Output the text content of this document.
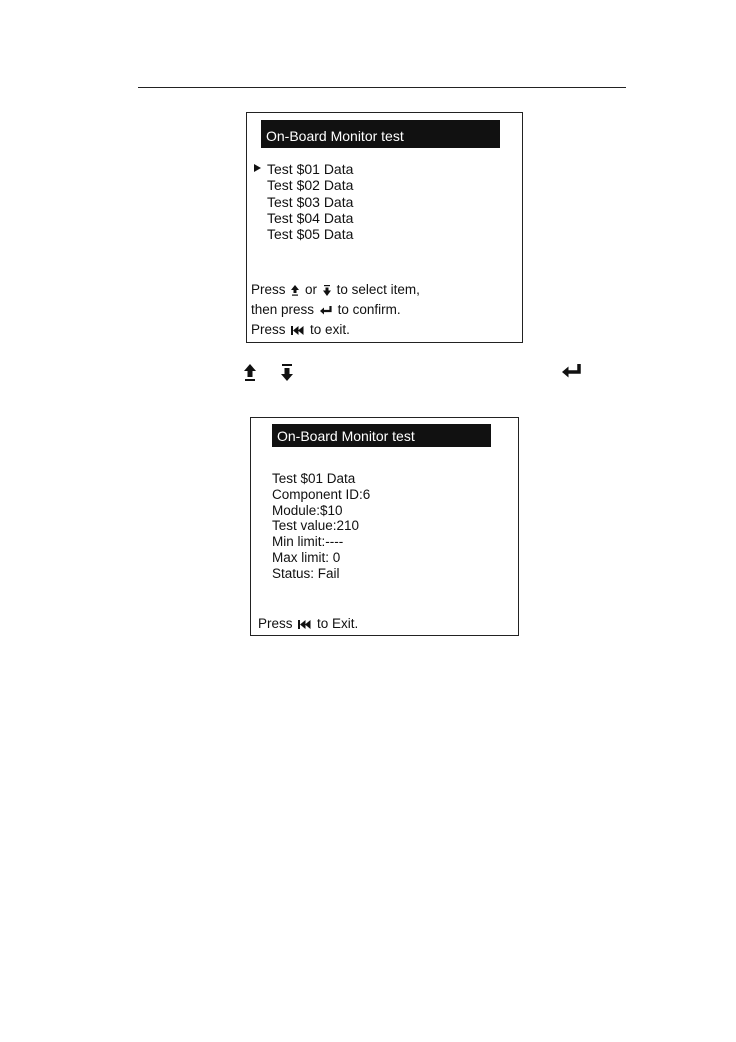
On-Board Monitor test
Test $01 Data
Test $02 Data
Test $03 Data
Test $04 Data
Test $05 Data
Press or to select item,
then press to confirm.
Press to exit.
On-Board Monitor test
Test $01 Data
Component ID:6
Module:$10
Test value:210
Min limit:----
Max limit: 0
Status: Fail
Press to Exit.
